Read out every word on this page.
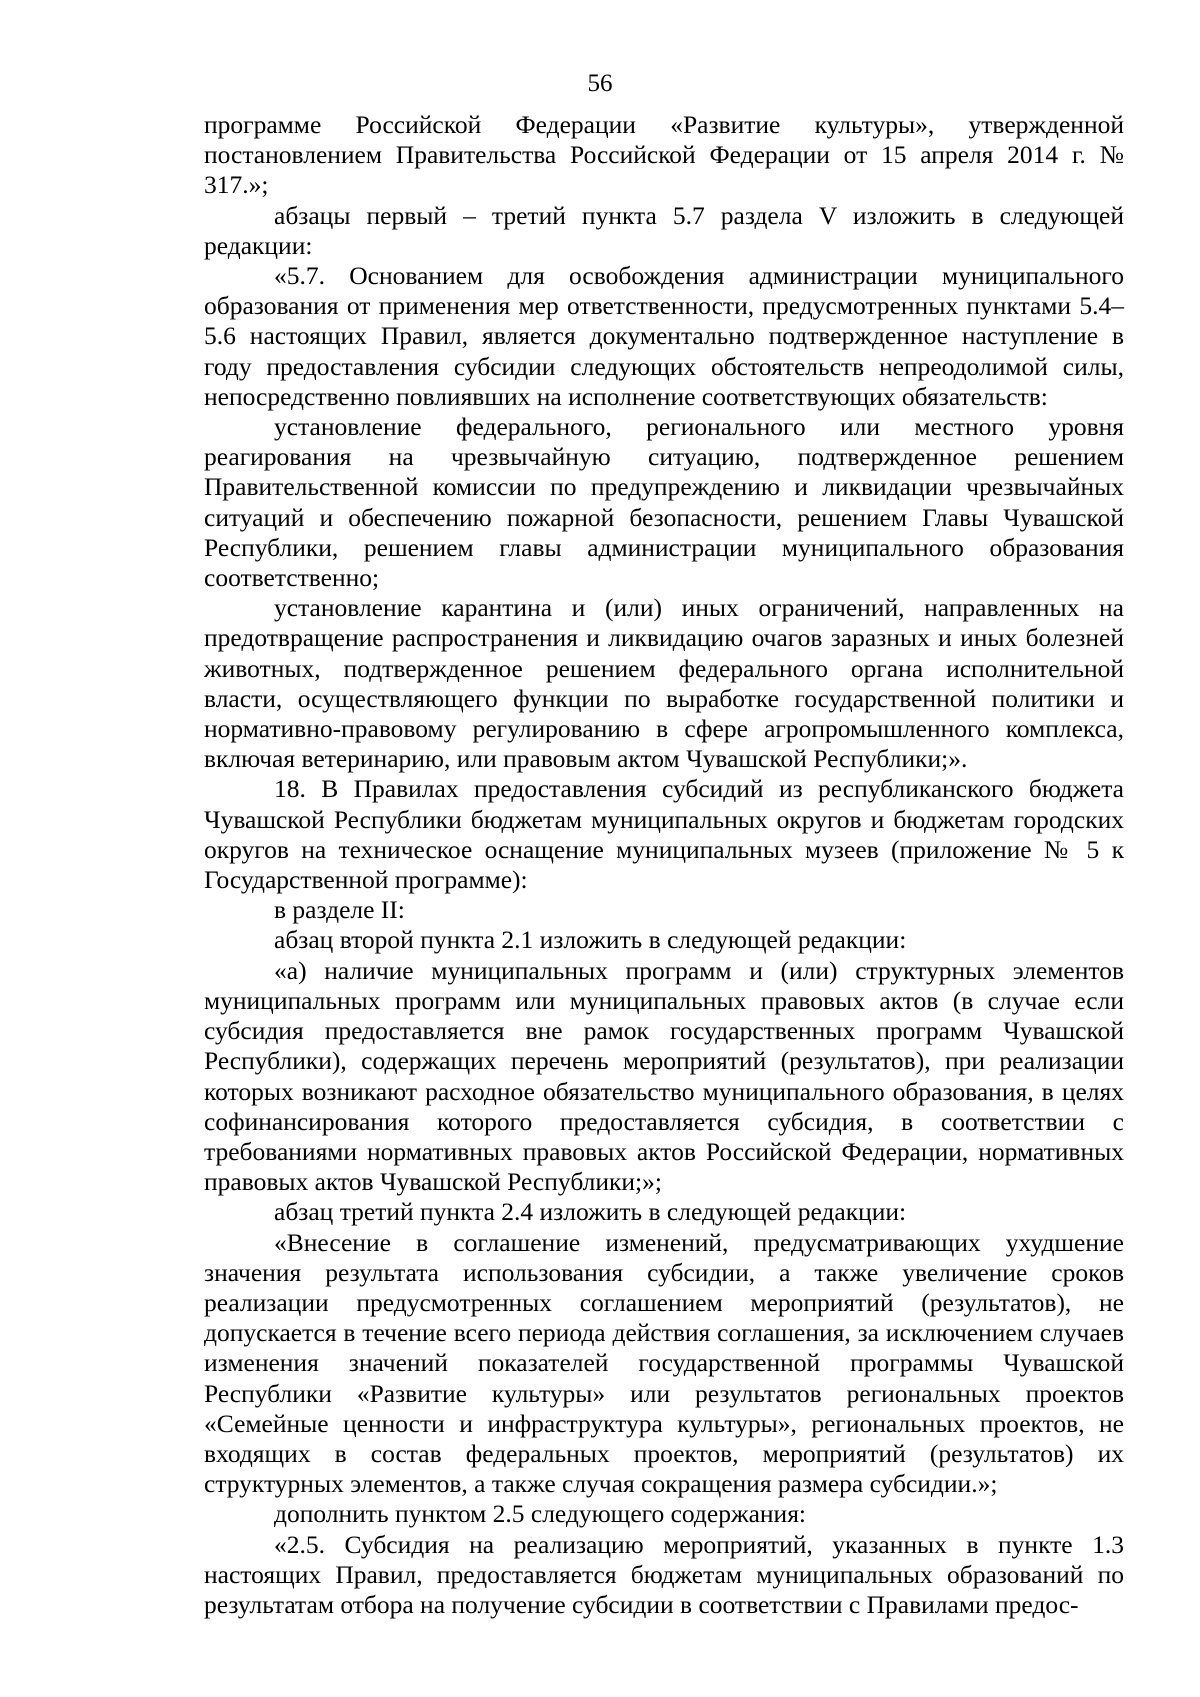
56

программе Российской Федерации «Развитие культуры», утвержденной постановлением Правительства Российской Федерации от 15 апреля 2014 г. № 317.»;

абзацы первый – третий пункта 5.7 раздела V изложить в следующей редакции:

«5.7. Основанием для освобождения администрации муниципального образования от применения мер ответственности, предусмотренных пунктами 5.4–5.6 настоящих Правил, является документально подтвержденное наступление в году предоставления субсидии следующих обстоятельств непреодолимой силы, непосредственно повлиявших на исполнение соответствующих обязательств:

установление федерального, регионального или местного уровня реагирования на чрезвычайную ситуацию, подтвержденное решением Правительственной комиссии по предупреждению и ликвидации чрезвычайных ситуаций и обеспечению пожарной безопасности, решением Главы Чувашской Республики, решением главы администрации муниципального образования соответственно;

установление карантина и (или) иных ограничений, направленных на предотвращение распространения и ликвидацию очагов заразных и иных болезней животных, подтвержденное решением федерального органа исполнительной власти, осуществляющего функции по выработке государственной политики и нормативно-правовому регулированию в сфере агропромышленного комплекса, включая ветеринарию, или правовым актом Чувашской Республики;».

18. В Правилах предоставления субсидий из республиканского бюджета Чувашской Республики бюджетам муниципальных округов и бюджетам городских округов на техническое оснащение муниципальных музеев (приложение № 5 к Государственной программе):

в разделе II:

абзац второй пункта 2.1 изложить в следующей редакции:

«а) наличие муниципальных программ и (или) структурных элементов муниципальных программ или муниципальных правовых актов (в случае если субсидия предоставляется вне рамок государственных программ Чувашской Республики), содержащих перечень мероприятий (результатов), при реализации которых возникают расходное обязательство муниципального образования, в целях софинансирования которого предоставляется субсидия, в соответствии с требованиями нормативных правовых актов Российской Федерации, нормативных правовых актов Чувашской Республики;»;

абзац третий пункта 2.4 изложить в следующей редакции:

«Внесение в соглашение изменений, предусматривающих ухудшение значения результата использования субсидии, а также увеличение сроков реализации предусмотренных соглашением мероприятий (результатов), не допускается в течение всего периода действия соглашения, за исключением случаев изменения значений показателей государственной программы Чувашской Республики «Развитие культуры» или результатов региональных проектов «Семейные ценности и инфраструктура культуры», региональных проектов, не входящих в состав федеральных проектов, мероприятий (результатов) их структурных элементов, а также случая сокращения размера субсидии.»;

дополнить пунктом 2.5 следующего содержания:

«2.5. Субсидия на реализацию мероприятий, указанных в пункте 1.3 настоящих Правил, предоставляется бюджетам муниципальных образований по результатам отбора на получение субсидии в соответствии с Правилами предос-
